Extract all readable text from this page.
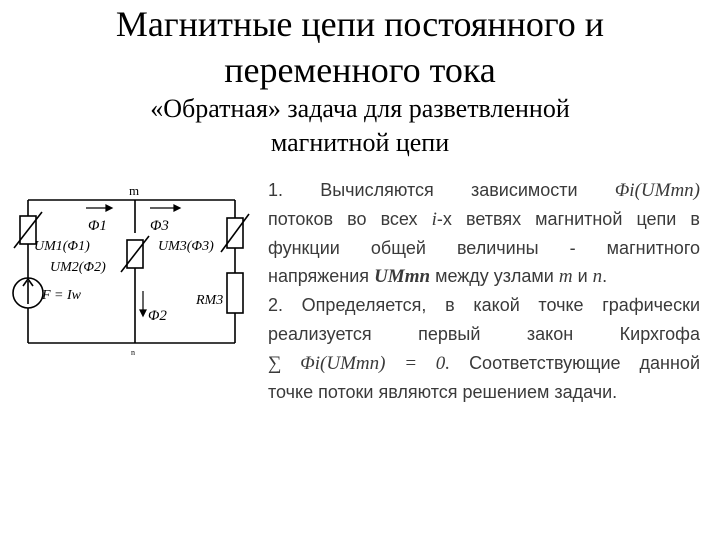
Магнитные цепи постоянного и
переменного тока
«Обратная» задача для разветвленной
магнитной цепи
m
n
Φ1	Φ3
Φ2
UM1(Φ1)
UM2(Φ2)
UM3(Φ3)
F = Iw	RM3
1. Вычисляются зависимости Φi(UMmn)
потоков во всех i-х ветвях магнитной цепи в
функции общей величины - магнитного
напряжения UMmn между узлами m и n.
2. Определяется, в какой точке графически
реализуется первый закон Кирхгофа
∑ Φi(UMmn) = 0. Соответствующие данной
точке потоки являются решением задачи.
